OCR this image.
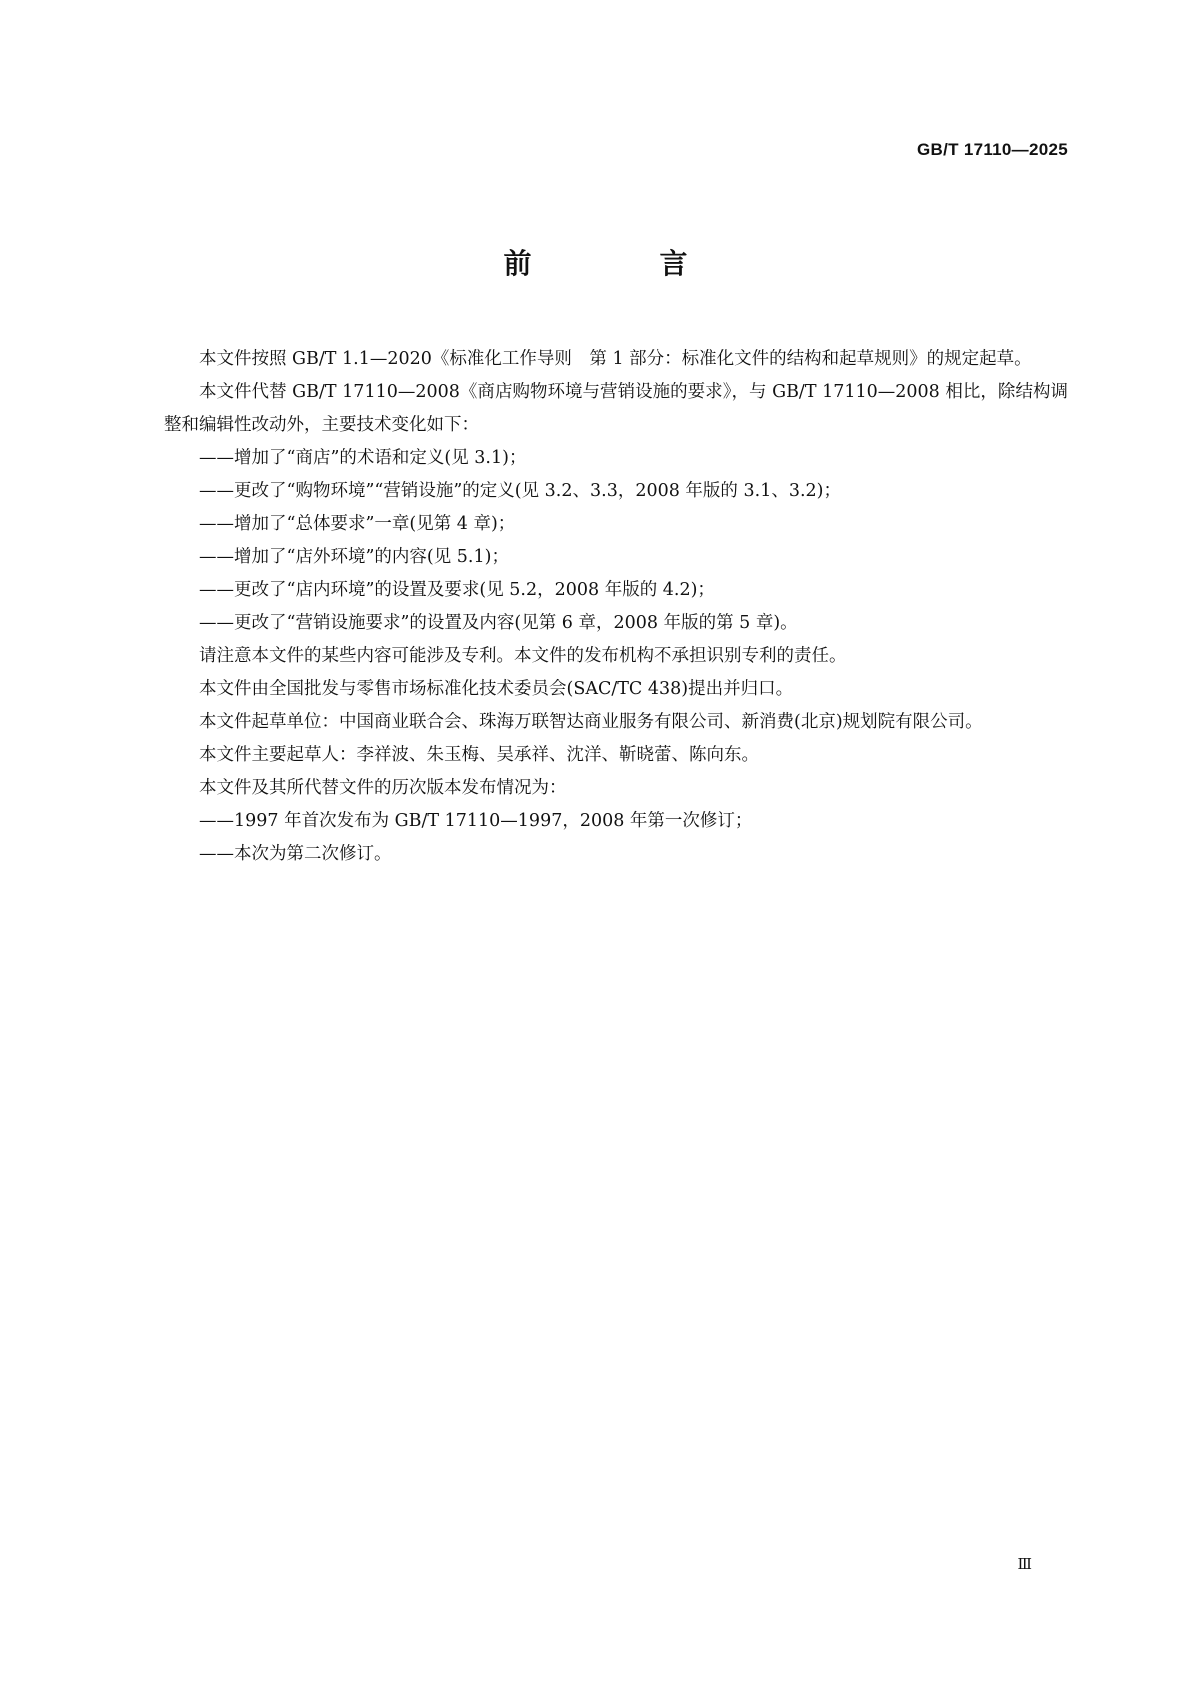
GB/T 17110—2025
前　言

本文件按照 GB/T 1.1—2020《标准化工作导则　第 1 部分：标准化文件的结构和起草规则》的规定起草。

本文件代替 GB/T 17110—2008《商店购物环境与营销设施的要求》，与 GB/T 17110—2008 相比，除结构调整和编辑性改动外，主要技术变化如下：

——增加了“商店”的术语和定义(见 3.1)；

——更改了“购物环境”“营销设施”的定义(见 3.2、3.3，2008 年版的 3.1、3.2)；

——增加了“总体要求”一章(见第 4 章)；

——增加了“店外环境”的内容(见 5.1)；

——更改了“店内环境”的设置及要求(见 5.2，2008 年版的 4.2)；

——更改了“营销设施要求”的设置及内容(见第 6 章，2008 年版的第 5 章)。

请注意本文件的某些内容可能涉及专利。本文件的发布机构不承担识别专利的责任。

本文件由全国批发与零售市场标准化技术委员会(SAC/TC 438)提出并归口。

本文件起草单位：中国商业联合会、珠海万联智达商业服务有限公司、新消费(北京)规划院有限公司。

本文件主要起草人：李祥波、朱玉梅、吴承祥、沈洋、靳晓蕾、陈向东。

本文件及其所代替文件的历次版本发布情况为：

——1997 年首次发布为 GB/T 17110—1997，2008 年第一次修订；

——本次为第二次修订。

Ⅲ
